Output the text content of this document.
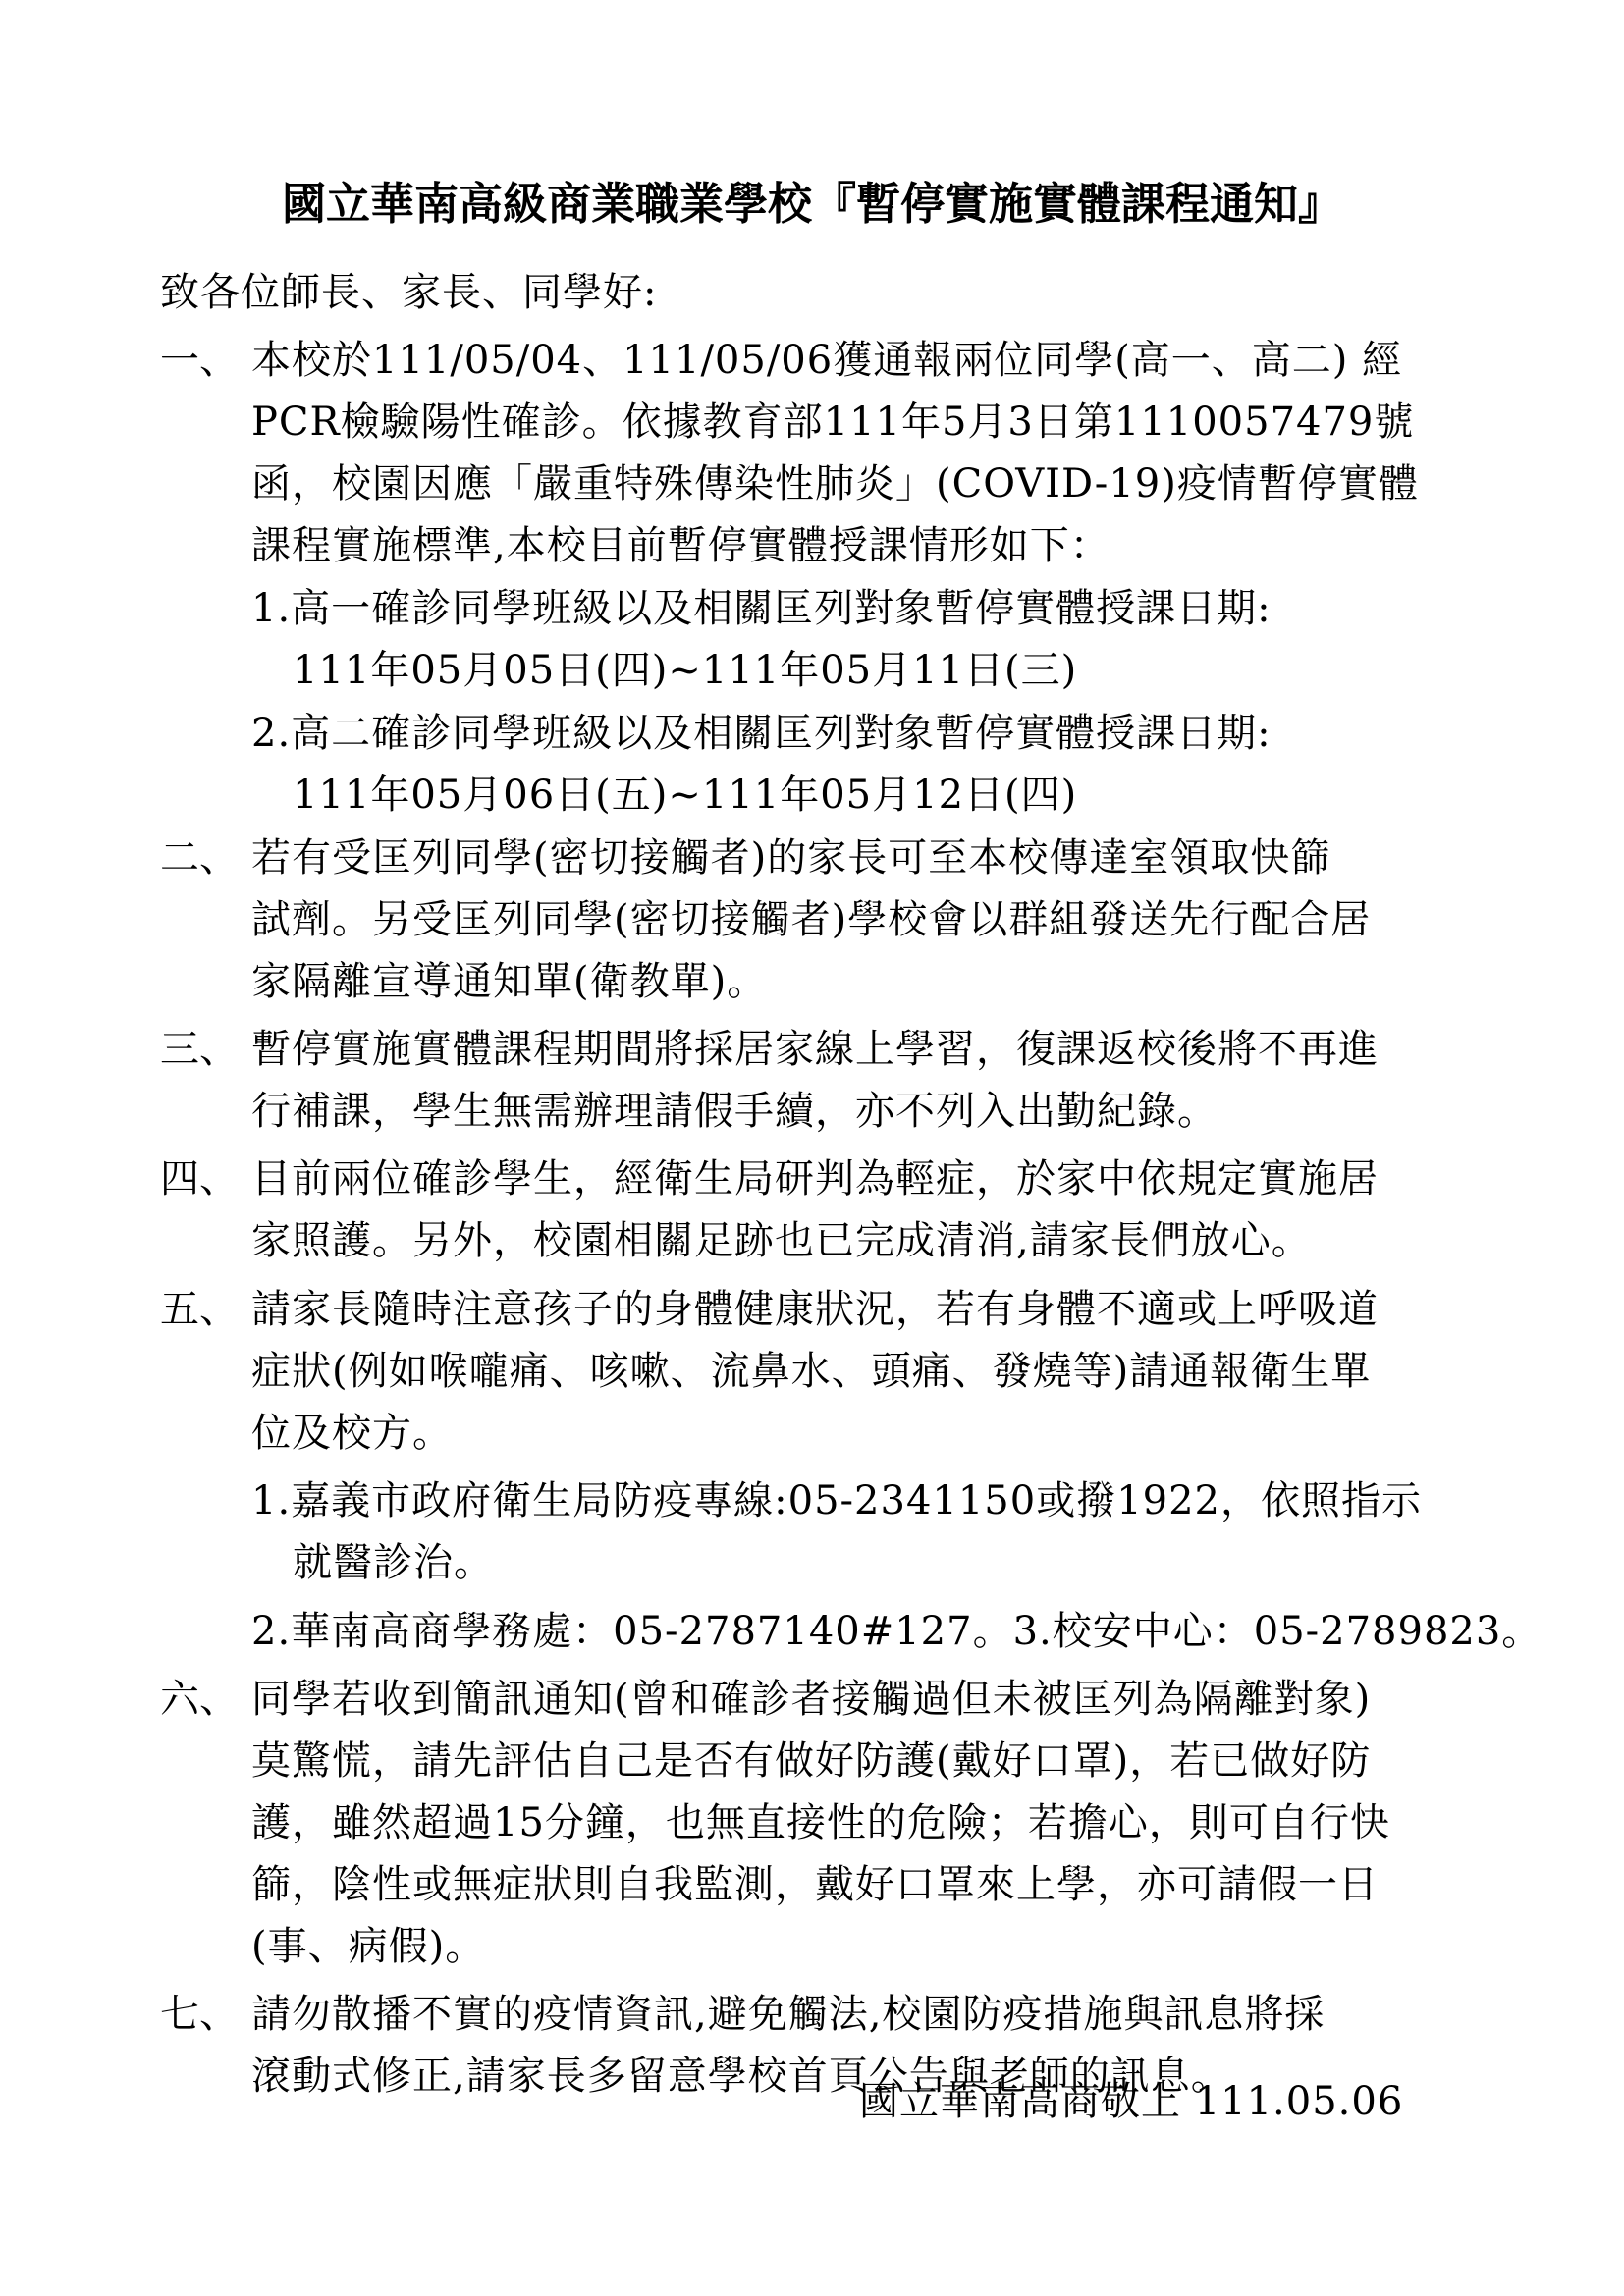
國立華南高級商業職業學校『暫停實施實體課程通知』
致各位師長、家長、同學好:
一、 本校於111/05/04、111/05/06獲通報兩位同學(高一、高二) 經
PCR檢驗陽性確診。依據教育部111年5月3日第1110057479號
函，校園因應「嚴重特殊傳染性肺炎」(COVID-19)疫情暫停實體
課程實施標準,本校目前暫停實體授課情形如下：
1.高一確診同學班級以及相關匡列對象暫停實體授課日期:
111年05月05日(四)~111年05月11日(三)
2.高二確診同學班級以及相關匡列對象暫停實體授課日期:
111年05月06日(五)~111年05月12日(四)
二、 若有受匡列同學(密切接觸者)的家長可至本校傳達室領取快篩
試劑。另受匡列同學(密切接觸者)學校會以群組發送先行配合居
家隔離宣導通知單(衛教單)。
三、 暫停實施實體課程期間將採居家線上學習，復課返校後將不再進
行補課，學生無需辦理請假手續，亦不列入出勤紀錄。
四、 目前兩位確診學生，經衛生局研判為輕症，於家中依規定實施居
家照護。另外，校園相關足跡也已完成清消,請家長們放心。
五、 請家長隨時注意孩子的身體健康狀況，若有身體不適或上呼吸道
症狀(例如喉嚨痛、咳嗽、流鼻水、頭痛、發燒等)請通報衛生單
位及校方。
1.嘉義市政府衛生局防疫專線:05-2341150或撥1922，依照指示
就醫診治。
2.華南高商學務處：05-2787140#127。3.校安中心：05-2789823。
六、 同學若收到簡訊通知(曾和確診者接觸過但未被匡列為隔離對象)
莫驚慌，請先評估自己是否有做好防護(戴好口罩)，若已做好防
護，雖然超過15分鐘，也無直接性的危險；若擔心，則可自行快
篩，陰性或無症狀則自我監測，戴好口罩來上學，亦可請假一日
(事、病假)。
七、 請勿散播不實的疫情資訊,避免觸法,校園防疫措施與訊息將採
滾動式修正,請家長多留意學校首頁公告與老師的訊息。
國立華南高商敬上 111.05.06
